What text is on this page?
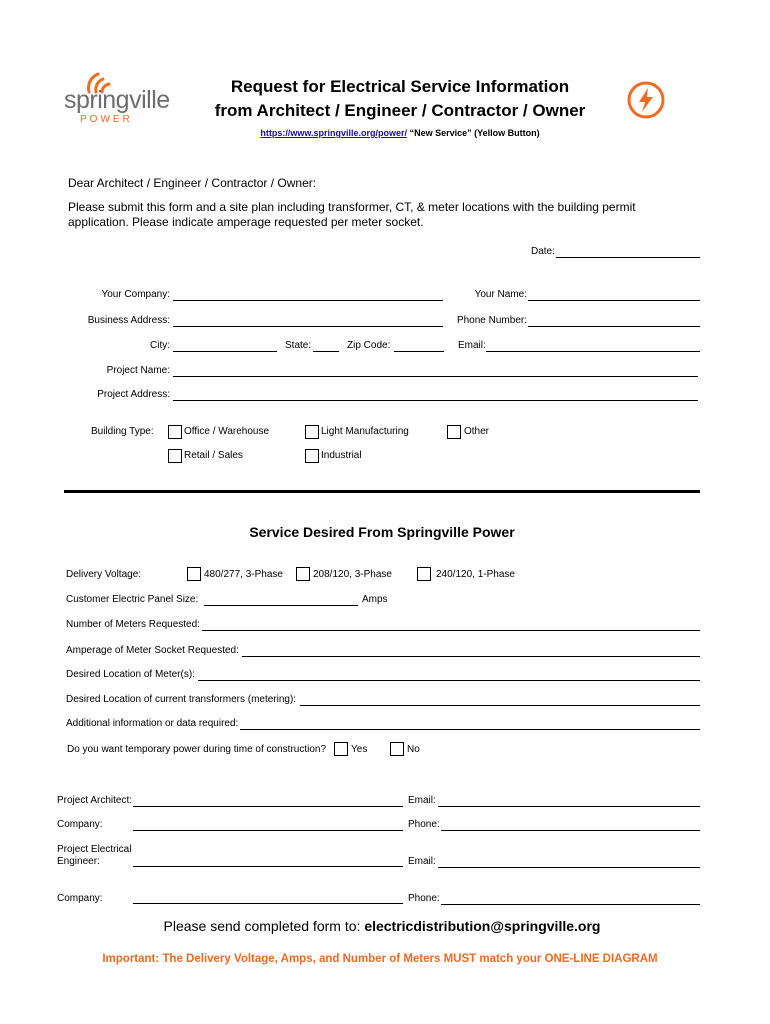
springville
POWER
Request for Electrical Service Information
from Architect / Engineer / Contractor / Owner
https://www.springville.org/power/ “New Service” (Yellow Button)
Dear Architect / Engineer / Contractor / Owner:
Please submit this form and a site plan including transformer, CT, & meter locations with the building permit application. Please indicate amperage requested per meter socket.
Date:
Your Company:	Your Name:
Business Address:	Phone Number:
City:	State:	Zip Code:	Email:
Project Name:
Project Address:
Building Type:	Office / Warehouse	Light Manufacturing	Other
Retail / Sales	Industrial
Service Desired From Springville Power
Delivery Voltage:	480/277, 3-Phase	208/120, 3-Phase	240/120, 1-Phase
Customer Electric Panel Size:	Amps
Number of Meters Requested:
Amperage of Meter Socket Requested:
Desired Location of Meter(s):
Desired Location of current transformers (metering):
Additional information or data required:
Do you want temporary power during time of construction? Yes	No
Project Architect:	Email:
Company:	Phone:
Project Electrical Engineer:	Email:
Company:	Phone:
Please send completed form to: electricdistribution@springville.org
Important: The Delivery Voltage, Amps, and Number of Meters MUST match your ONE-LINE DIAGRAM
